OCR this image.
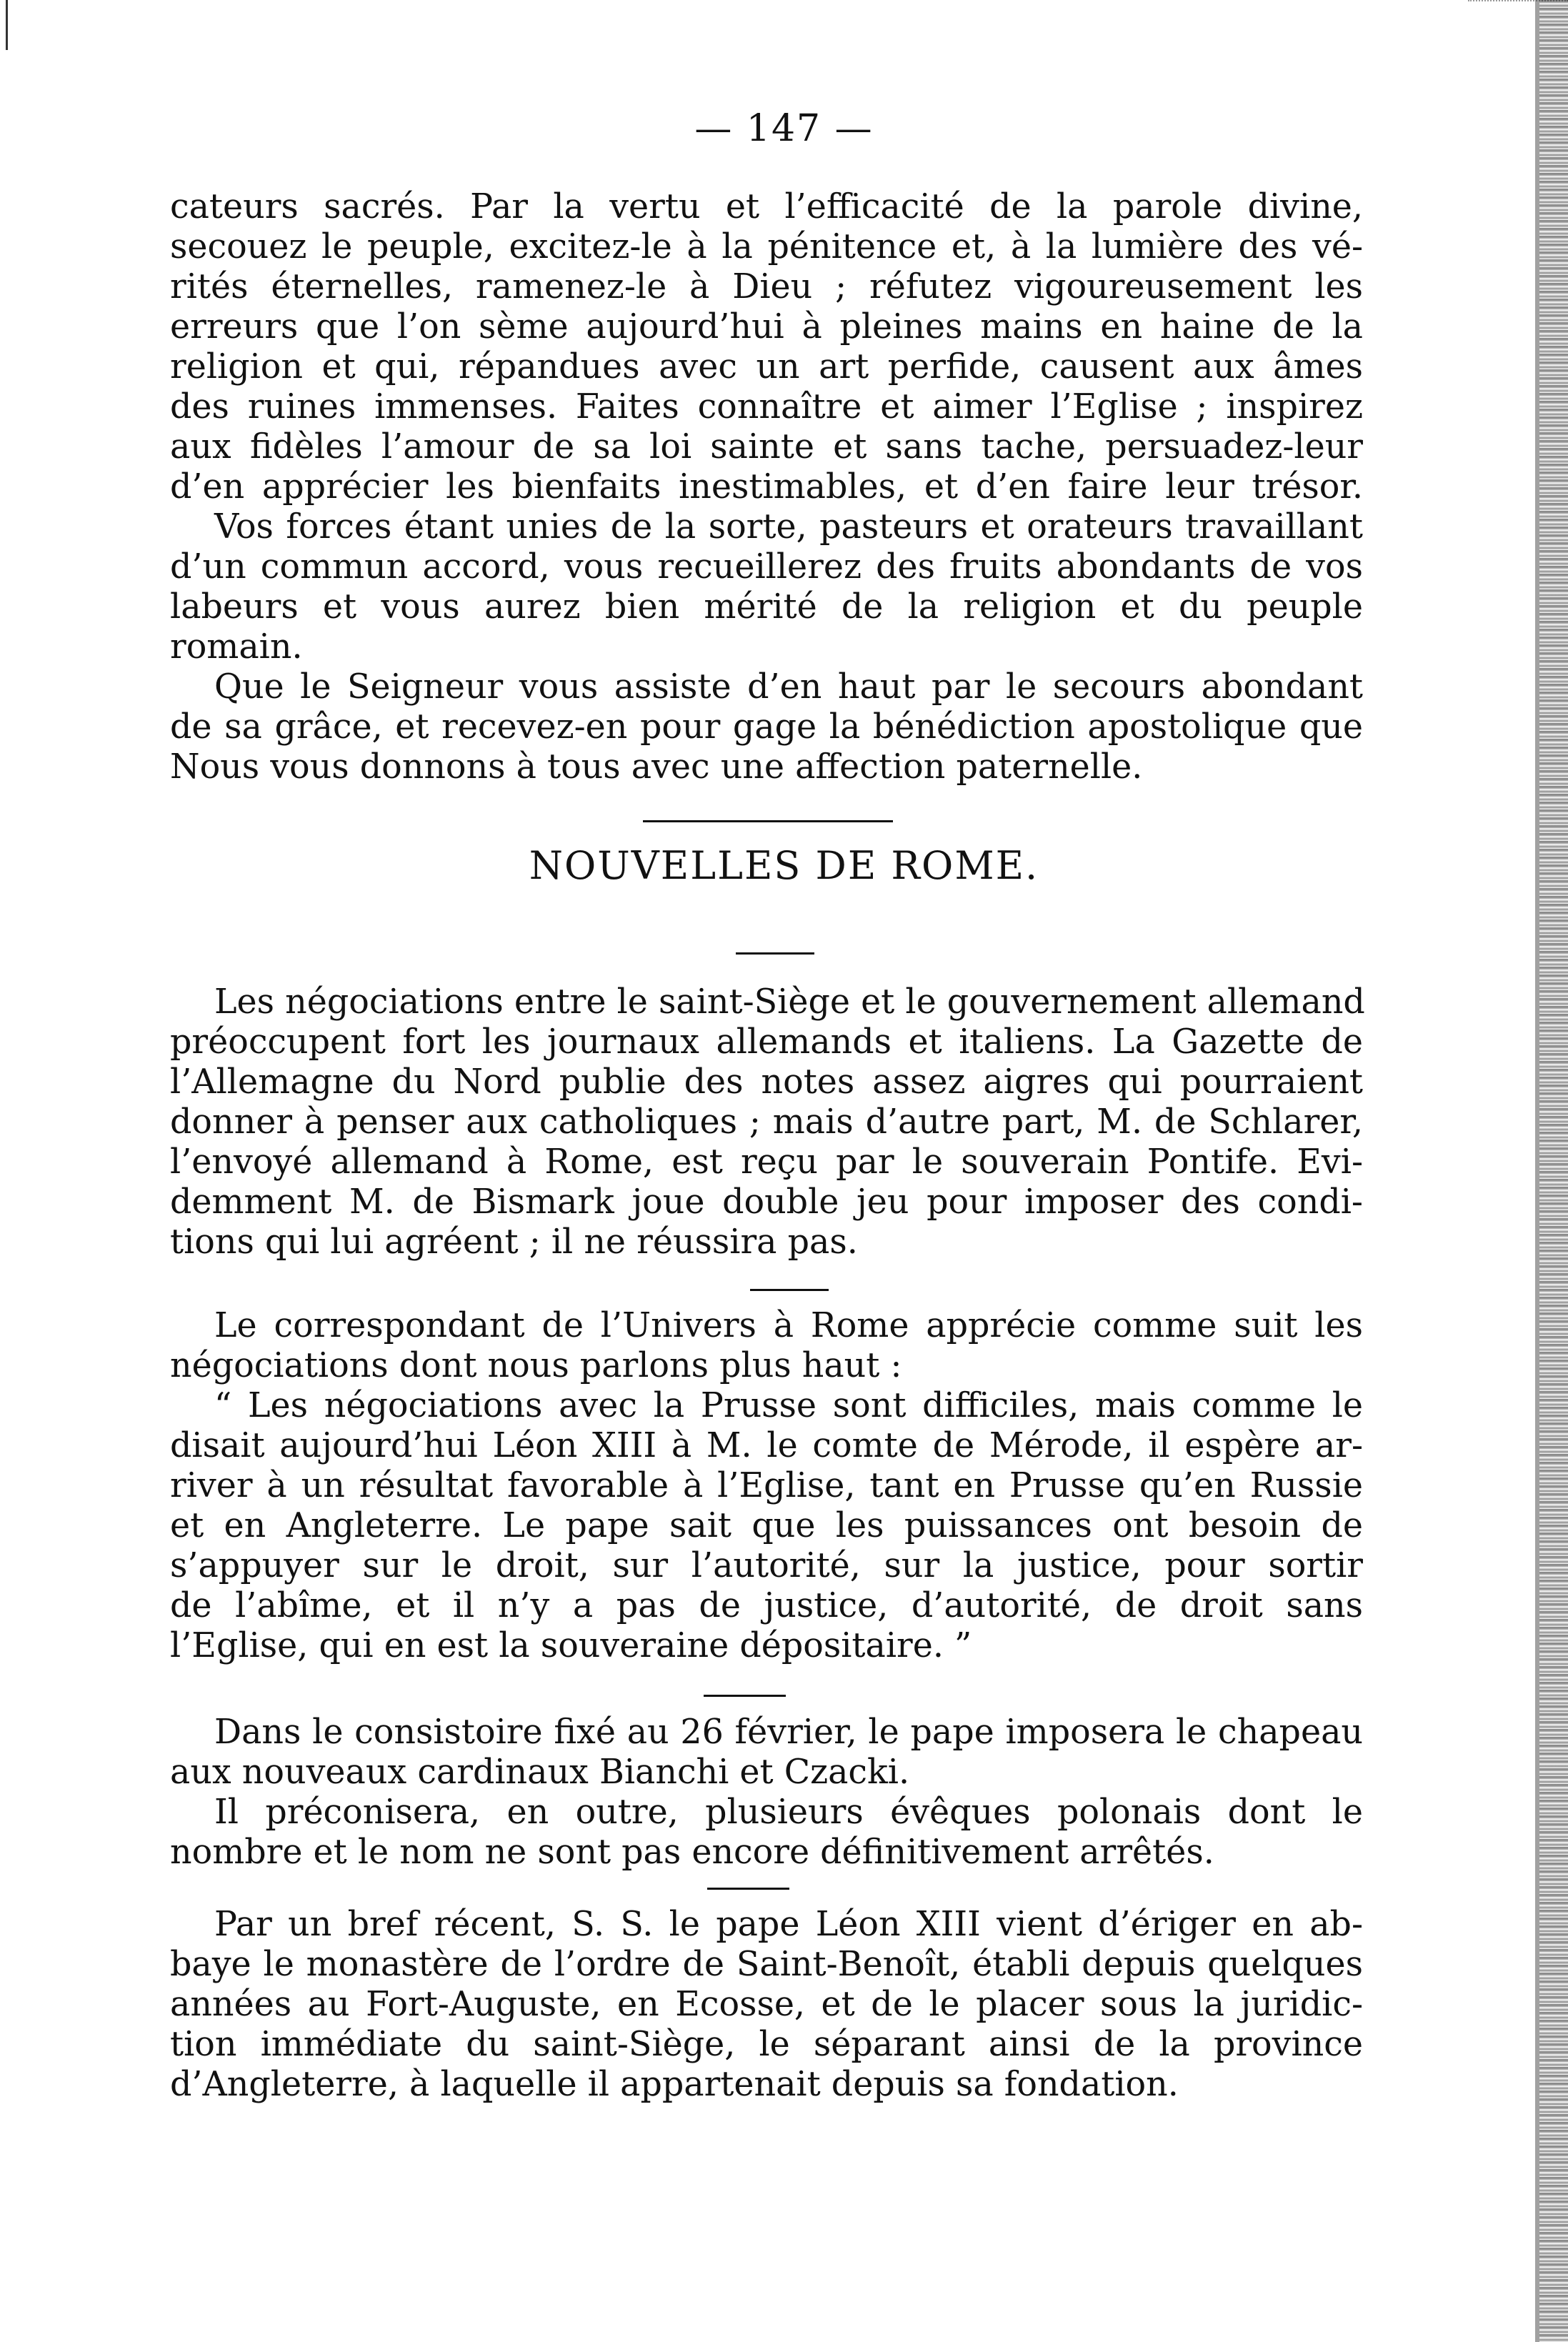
— 147 —
cateurs sacrés. Par la vertu et l’efficacité de la parole divine,
secouez le peuple, excitez-le à la pénitence et, à la lumière des vé-
rités éternelles, ramenez-le à Dieu ; réfutez vigoureusement les
erreurs que l’on sème aujourd’hui à pleines mains en haine de la
religion et qui, répandues avec un art perfide, causent aux âmes
des ruines immenses. Faites connaître et aimer l’Eglise ; inspirez
aux fidèles l’amour de sa loi sainte et sans tache, persuadez-leur
d’en apprécier les bienfaits inestimables, et d’en faire leur trésor.
Vos forces étant unies de la sorte, pasteurs et orateurs travaillant
d’un commun accord, vous recueillerez des fruits abondants de vos
labeurs et vous aurez bien mérité de la religion et du peuple
romain.
Que le Seigneur vous assiste d’en haut par le secours abondant
de sa grâce, et recevez-en pour gage la bénédiction apostolique que
Nous vous donnons à tous avec une affection paternelle.
NOUVELLES DE ROME.
Les négociations entre le saint-Siège et le gouvernement allemand
préoccupent fort les journaux allemands et italiens. La Gazette de
l’Allemagne du Nord publie des notes assez aigres qui pourraient
donner à penser aux catholiques ; mais d’autre part, M. de Schlarer,
l’envoyé allemand à Rome, est reçu par le souverain Pontife. Evi-
demment M. de Bismark joue double jeu pour imposer des condi-
tions qui lui agréent ; il ne réussira pas.
Le correspondant de l’Univers à Rome apprécie comme suit les
négociations dont nous parlons plus haut :
“ Les négociations avec la Prusse sont difficiles, mais comme le
disait aujourd’hui Léon XIII à M. le comte de Mérode, il espère ar-
river à un résultat favorable à l’Eglise, tant en Prusse qu’en Russie
et en Angleterre. Le pape sait que les puissances ont besoin de
s’appuyer sur le droit, sur l’autorité, sur la justice, pour sortir
de l’abîme, et il n’y a pas de justice, d’autorité, de droit sans
l’Eglise, qui en est la souveraine dépositaire. ”
Dans le consistoire fixé au 26 février, le pape imposera le chapeau
aux nouveaux cardinaux Bianchi et Czacki.
Il préconisera, en outre, plusieurs évêques polonais dont le
nombre et le nom ne sont pas encore définitivement arrêtés.
Par un bref récent, S. S. le pape Léon XIII vient d’ériger en ab-
baye le monastère de l’ordre de Saint-Benoît, établi depuis quelques
années au Fort-Auguste, en Ecosse, et de le placer sous la juridic-
tion immédiate du saint-Siège, le séparant ainsi de la province
d’Angleterre, à laquelle il appartenait depuis sa fondation.
